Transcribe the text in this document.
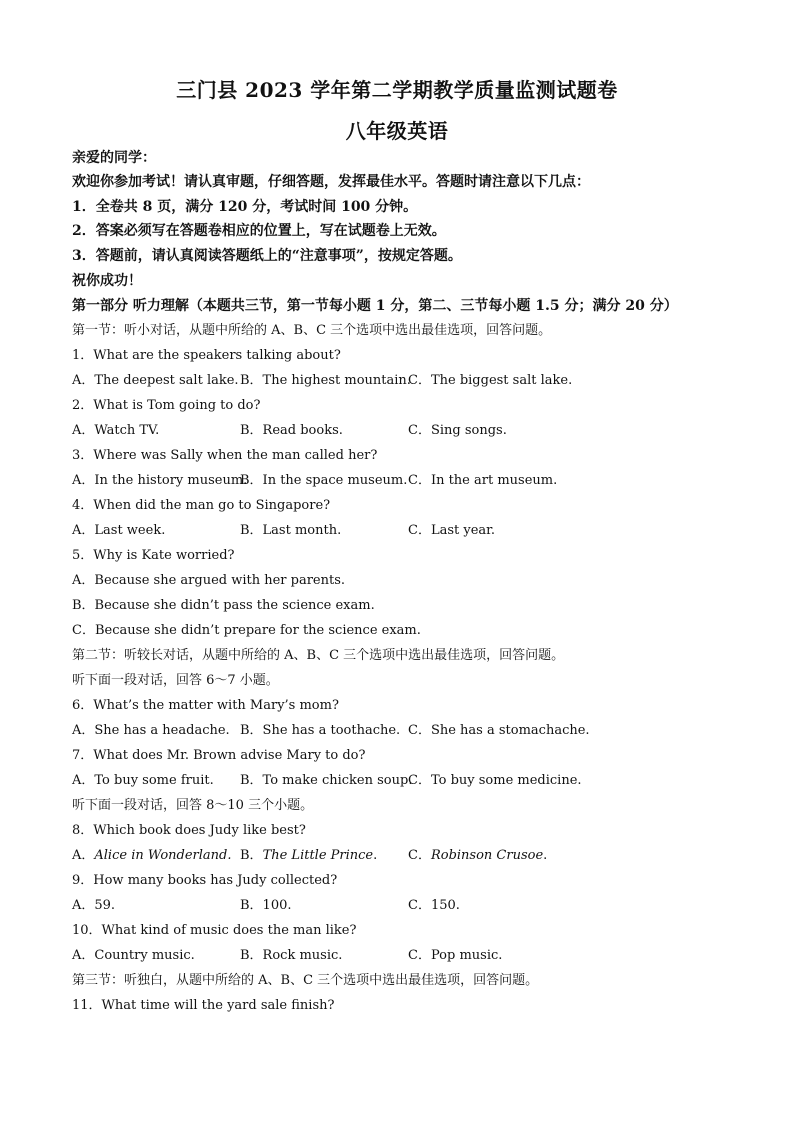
三门县 2023 学年第二学期教学质量监测试题卷
八年级英语
亲爱的同学：
欢迎你参加考试！请认真审题，仔细答题，发挥最佳水平。答题时请注意以下几点：
1．全卷共 8 页，满分 120 分，考试时间 100 分钟。
2．答案必须写在答题卷相应的位置上，写在试题卷上无效。
3．答题前，请认真阅读答题纸上的“注意事项”，按规定答题。
祝你成功！
第一部分 听力理解（本题共三节，第一节每小题 1 分，第二、三节每小题 1.5 分；满分 20 分）
第一节：听小对话，从题中所给的 A、B、C 三个选项中选出最佳选项，回答问题。
1．What are the speakers talking about?
A．The deepest salt lake. B．The highest mountain.
C．The biggest salt lake.
2．What is Tom going to do?
A．Watch TV.	B．Read books.	C．Sing songs.
3．Where was Sally when the man called her?
A．In the history museum.
B．In the space museum. C．In the art museum.
4．When did the man go to Singapore?
A．Last week.	B．Last month.	C．Last year.
5．Why is Kate worried?
A．Because she argued with her parents.
B．Because she didn’t pass the science exam.
C．Because she didn’t prepare for the science exam.
第二节：听较长对话，从题中所给的 A、B、C 三个选项中选出最佳选项，回答问题。
听下面一段对话，回答 6～7 小题。
6．What’s the matter with Mary’s mom?
A．She has a headache. B．She has a toothache. C．She has a stomachache.
7．What does Mr. Brown advise Mary to do?
A．To buy some fruit. B．To make chicken soup.
C．To buy some medicine.
听下面一段对话，回答 8～10 三个小题。
8．Which book does Judy like best?
A．Alice in Wonderland. B．The Little Prince. C．Robinson Crusoe.
9．How many books has Judy collected?
A．59.	B．100.	C．150.
10．What kind of music does the man like?
A．Country music.	B．Rock music.	C．Pop music.
第三节：听独白，从题中所给的 A、B、C 三个选项中选出最佳选项，回答问题。
11．What time will the yard sale finish?
